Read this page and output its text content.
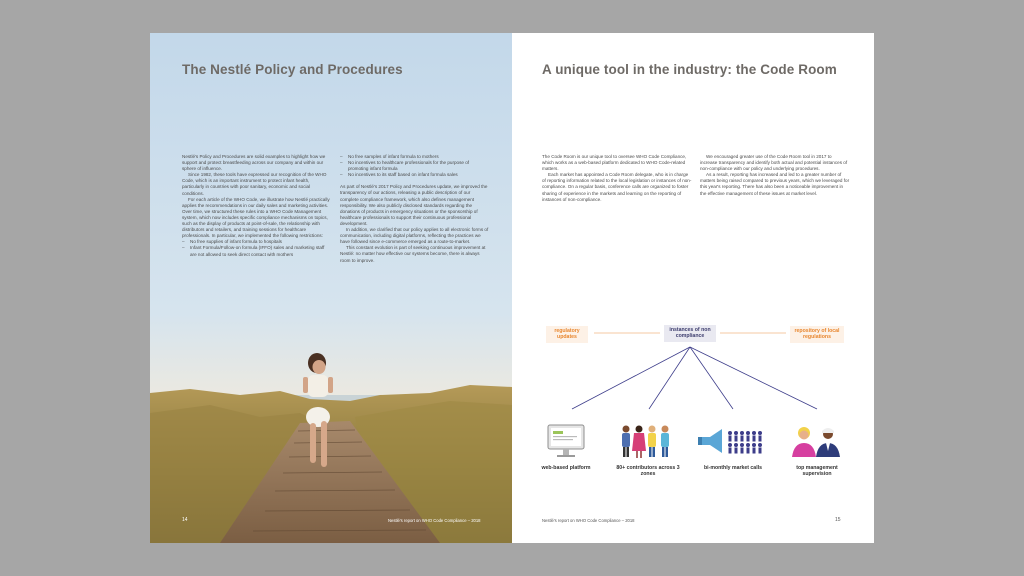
The Nestlé Policy and Procedures

Nestlé's Policy and Procedures are solid examples to highlight how we support and protect breastfeeding across our company and within our sphere of influence.

Since 1982, these tools have expressed our recognition of the WHO Code, which is an important instrument to protect infant health, particularly in countries with poor sanitary, economic and social conditions.

For each article of the WHO Code, we illustrate how Nestlé practically applies the recommendations in our daily sales and marketing activities. Over time, we structured these rules into a WHO Code Management system, which now includes specific compliance mechanisms on topics, such as the display of products at point-of-sale, the relationship with distributors and retailers, and training sessions for healthcare professionals. In particular, we implemented the following restrictions:

– No free supplies of infant formula to hospitals
– Infant Formula/Follow-on formula (IFFO) sales and marketing staff are not allowed to seek direct contact with mothers
– No free samples of infant formula to mothers
– No incentives to healthcare professionals for the purpose of promoting infant formula
– No incentives to its staff based on infant formula sales

As part of Nestlé's 2017 Policy and Procedures update, we improved the transparency of our actions, releasing a public description of our complete compliance framework, which also defines management responsibility. We also publicly disclosed standards regarding the donations of products in emergency situations or the sponsorship of healthcare professionals to support their continuous professional development.

In addition, we clarified that our policy applies to all electronic forms of communication, including digital platforms, reflecting the practices we have followed since e-commerce emerged as a route-to-market.

This constant evolution is part of seeking continuous improvement at Nestlé: no matter how effective our systems become, there is always room to improve.

14	Nestlé's report on WHO Code Compliance – 2018
A unique tool in the industry: the Code Room

The Code Room is our unique tool to oversee WHO Code Compliance, which works as a web-based platform dedicated to WHO Code-related matters.

Each market has appointed a Code Room delegate, who is in charge of reporting information related to the local legislation or instances of non-compliance. On a regular basis, conference calls are organized to foster sharing of experience in the markets and learning on the reporting of instances of non-compliance.

We encouraged greater use of the Code Room tool in 2017 to increase transparency and identify both actual and potential instances of non-compliance with our policy and underlying procedures.

As a result, reporting has increased and led to a greater number of matters being raised compared to previous years, which we leveraged for this year's reporting. There has also been a noticeable improvement in the effective management of these issues at market level.

regulatory updates
instances of non compliance
repository of local regulations
web-based platform	80+ contributors across 3 zones
bi-monthly market calls	top management supervision
Nestlé's report on WHO Code Compliance – 2018	15
